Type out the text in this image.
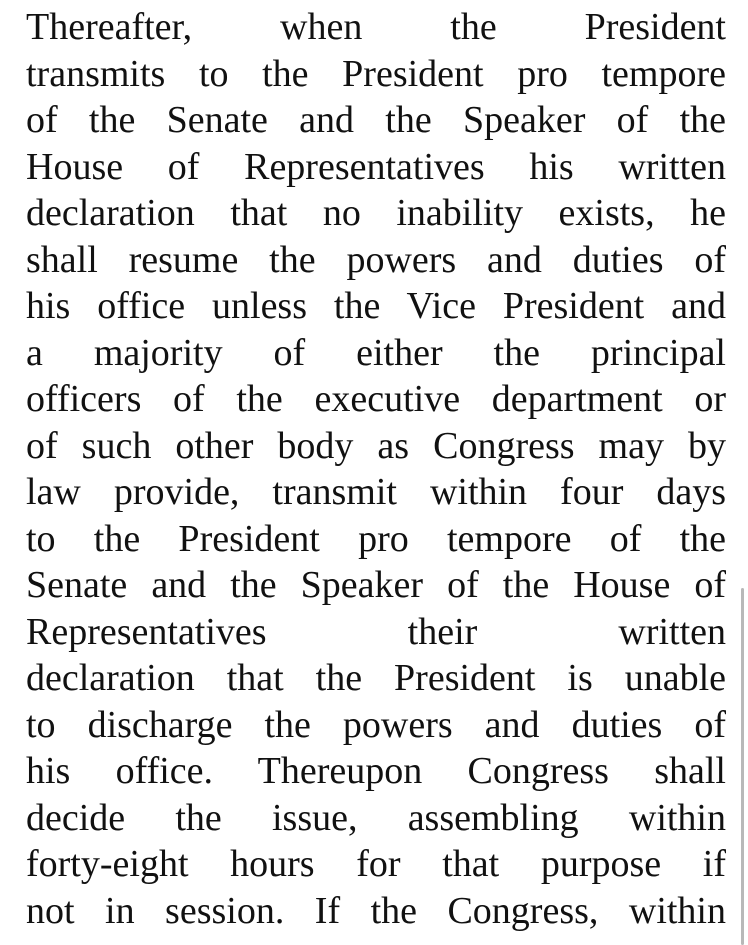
Thereafter, when the President
transmits to the President pro tempore
of the Senate and the Speaker of the
House of Representatives his written
declaration that no inability exists, he
shall resume the powers and duties of
his office unless the Vice President and
a majority of either the principal
officers of the executive department or
of such other body as Congress may by
law provide, transmit within four days
to the President pro tempore of the
Senate and the Speaker of the House of
Representatives their written
declaration that the President is unable
to discharge the powers and duties of
his office. Thereupon Congress shall
decide the issue, assembling within
forty-eight hours for that purpose if
not in session. If the Congress, within
